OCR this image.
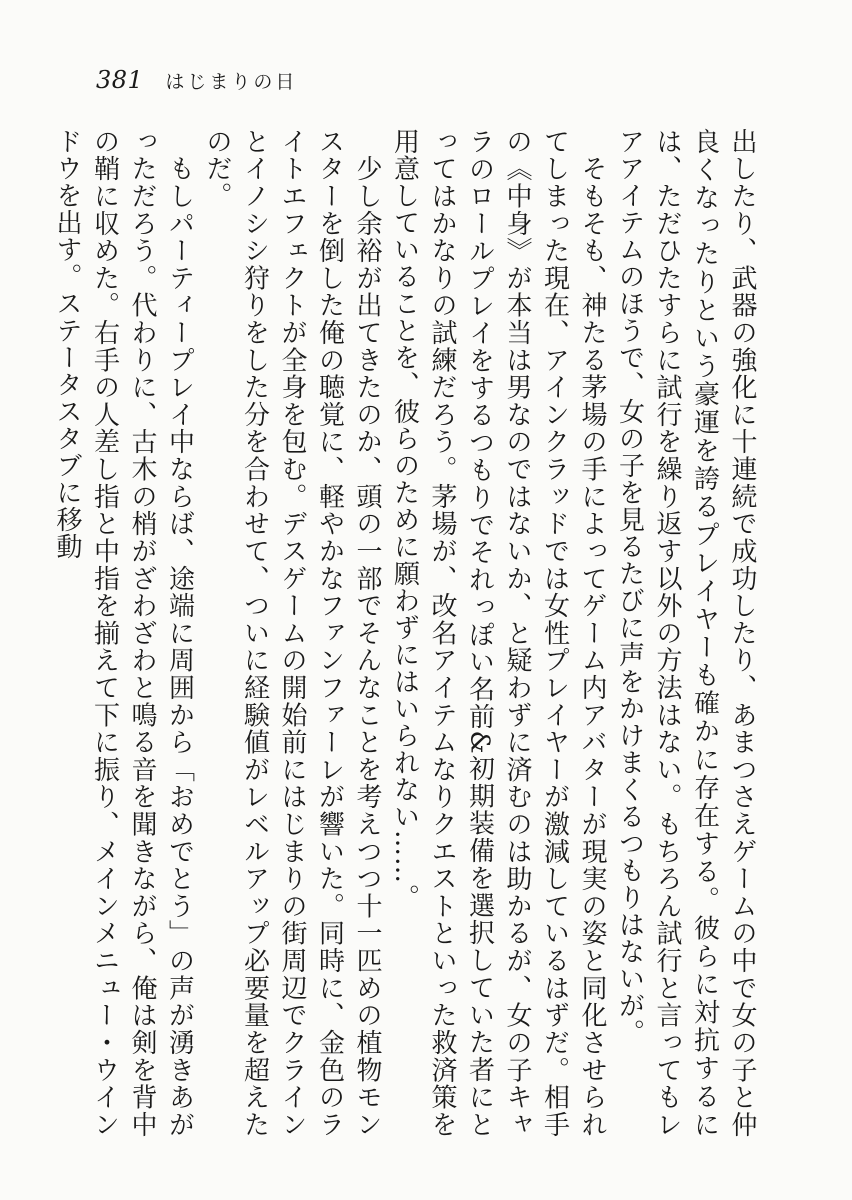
381 はじまりの日

出したり、武器の強化に十連続で成功したり、あまつさえゲームの中で女の子と仲良くなったりという豪運を誇るプレイヤーも確かに存在する。彼らに対抗するには、ただひたすらに試行を繰り返す以外の方法はない。もちろん試行と言ってもレアアイテムのほうで、女の子を見るたびに声をかけまくるつもりはないが。

　そもそも、神たる茅場の手によってゲーム内アバターが現実の姿と同化させられてしまった現在、アインクラッドでは女性プレイヤーが激減しているはずだ。相手の《中身》が本当は男なのではないか、と疑わずに済むのは助かるが、女の子キャラのロールプレイをするつもりでそれっぽい名前&初期装備を選択していた者にとってはかなりの試練だろう。茅場が、改名アイテムなりクエストといった救済策を用意していることを、彼らのために願わずにはいられない……。

　少し余裕が出てきたのか、頭の一部でそんなことを考えつつ十一匹めの植物モンスターを倒した俺の聴覚に、軽やかなファンファーレが響いた。同時に、金色のライトエフェクトが全身を包む。デスゲームの開始前にはじまりの街周辺でクラインとイノシシ狩りをした分を合わせて、ついに経験値がレベルアップ必要量を超えたのだ。

　もしパーティープレイ中ならば、途端に周囲から「おめでとう」の声が湧きあがっただろう。代わりに、古木の梢がざわざわと鳴る音を聞きながら、俺は剣を背中の鞘に収めた。右手の人差し指と中指を揃えて下に振り、メインメニュー・ウインドウを出す。ステータスタブに移動
